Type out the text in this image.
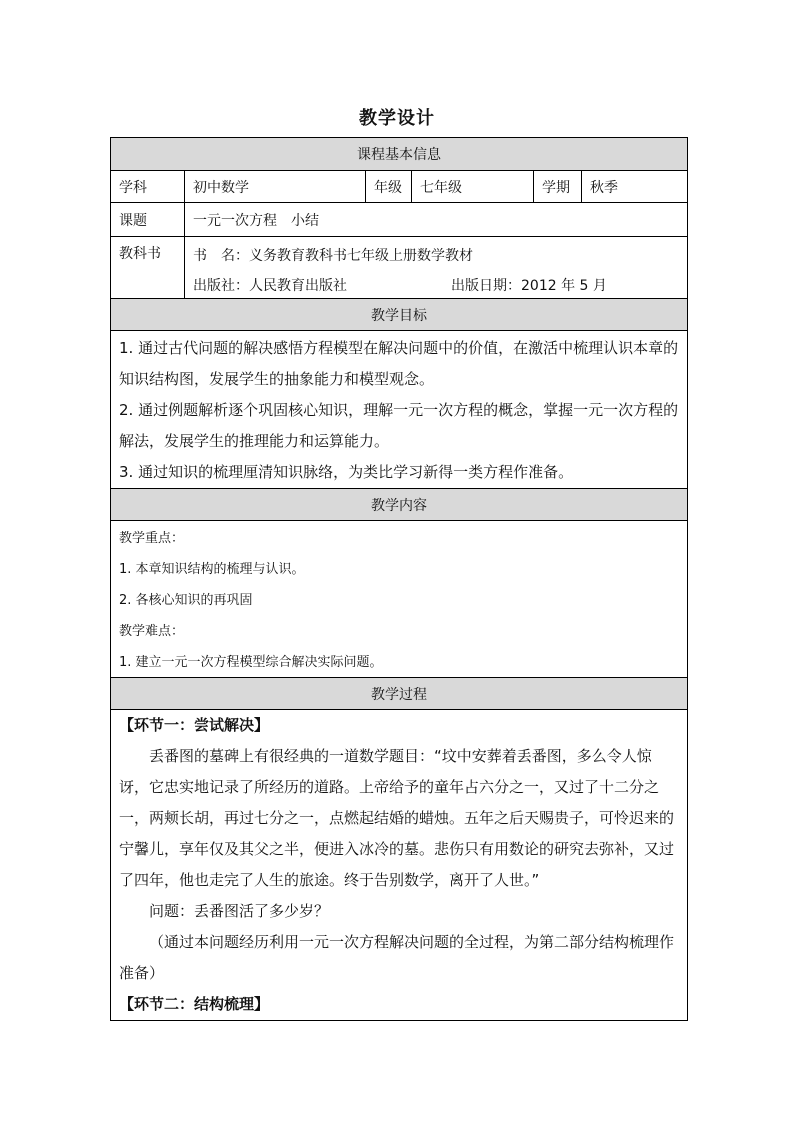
教学设计
课程基本信息
学科	初中数学	年级	七年级	学期	秋季
课题	一元一次方程　小结
教科书	书　名：义务教育教科书七年级上册数学教材
出版社：人民教育出版社	出版日期：2012 年 5 月
教学目标
1. 通过古代问题的解决感悟方程模型在解决问题中的价值，在激活中梳理认识本章的知识结构图，发展学生的抽象能力和模型观念。
2. 通过例题解析逐个巩固核心知识，理解一元一次方程的概念，掌握一元一次方程的解法，发展学生的推理能力和运算能力。
3. 通过知识的梳理厘清知识脉络，为类比学习新得一类方程作准备。
教学内容
教学重点：
1. 本章知识结构的梳理与认识。
2. 各核心知识的再巩固
教学难点：
1. 建立一元一次方程模型综合解决实际问题。
教学过程
【环节一：尝试解决】
丢番图的墓碑上有很经典的一道数学题目：“坟中安葬着丢番图，多么令人惊讶，它忠实地记录了所经历的道路。上帝给予的童年占六分之一，又过了十二分之一，两颊长胡，再过七分之一，点燃起结婚的蜡烛。五年之后天赐贵子，可怜迟来的宁馨儿，享年仅及其父之半，便进入冰冷的墓。悲伤只有用数论的研究去弥补，又过了四年，他也走完了人生的旅途。终于告别数学，离开了人世。”
问题：丢番图活了多少岁？
（通过本问题经历利用一元一次方程解决问题的全过程，为第二部分结构梳理作准备）
【环节二：结构梳理】
